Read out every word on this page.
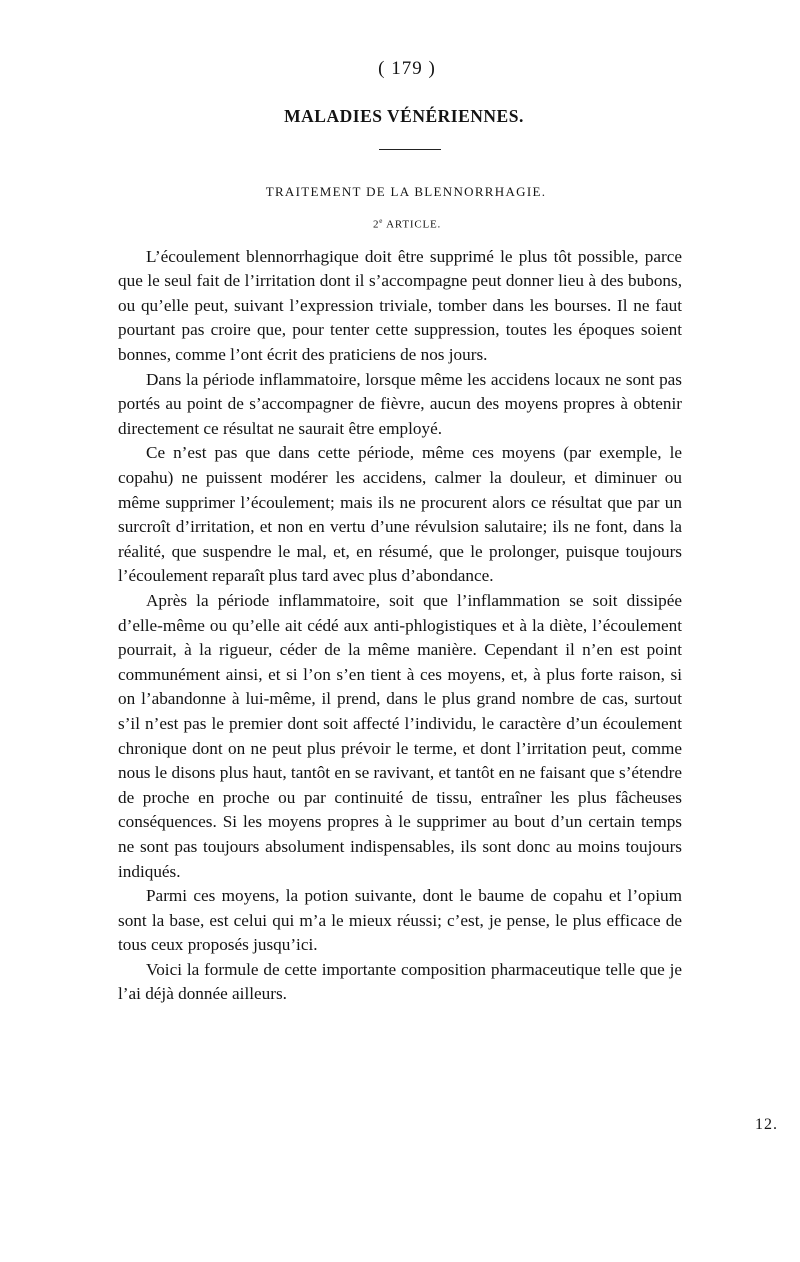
( 179 )
MALADIES VÉNÉRIENNES.
TRAITEMENT DE LA BLENNORRHAGIE.
2e ARTICLE.

L’écoulement blennorrhagique doit être supprimé le plus tôt possible, parce que le seul fait de l’irritation dont il s’accompagne peut donner lieu à des bubons, ou qu’elle peut, suivant l’expression triviale, tomber dans les bourses. Il ne faut pourtant pas croire que, pour tenter cette suppression, toutes les époques soient bonnes, comme l’ont écrit des praticiens de nos jours.

Dans la période inflammatoire, lorsque même les accidens locaux ne sont pas portés au point de s’accompagner de fièvre, aucun des moyens propres à obtenir directement ce résultat ne saurait être employé.

Ce n’est pas que dans cette période, même ces moyens (par exemple, le copahu) ne puissent modérer les accidens, calmer la douleur, et diminuer ou même supprimer l’écoulement; mais ils ne procurent alors ce résultat que par un surcroît d’irritation, et non en vertu d’une révulsion salutaire; ils ne font, dans la réalité, que suspendre le mal, et, en résumé, que le prolonger, puisque toujours l’écoulement reparaît plus tard avec plus d’abondance.

Après la période inflammatoire, soit que l’inflammation se soit dissipée d’elle-même ou qu’elle ait cédé aux anti-phlogistiques et à la diète, l’écoulement pourrait, à la rigueur, céder de la même manière. Cependant il n’en est point communément ainsi, et si l’on s’en tient à ces moyens, et, à plus forte raison, si on l’abandonne à lui-même, il prend, dans le plus grand nombre de cas, surtout s’il n’est pas le premier dont soit affecté l’individu, le caractère d’un écoulement chronique dont on ne peut plus prévoir le terme, et dont l’irritation peut, comme nous le disons plus haut, tantôt en se ravivant, et tantôt en ne faisant que s’étendre de proche en proche ou par continuité de tissu, entraîner les plus fâcheuses conséquences. Si les moyens propres à le supprimer au bout d’un certain temps ne sont pas toujours absolument indispensables, ils sont donc au moins toujours indiqués.

Parmi ces moyens, la potion suivante, dont le baume de copahu et l’opium sont la base, est celui qui m’a le mieux réussi; c’est, je pense, le plus efficace de tous ceux proposés jusqu’ici.

Voici la formule de cette importante composition pharmaceutique telle que je l’ai déjà donnée ailleurs.

12.
